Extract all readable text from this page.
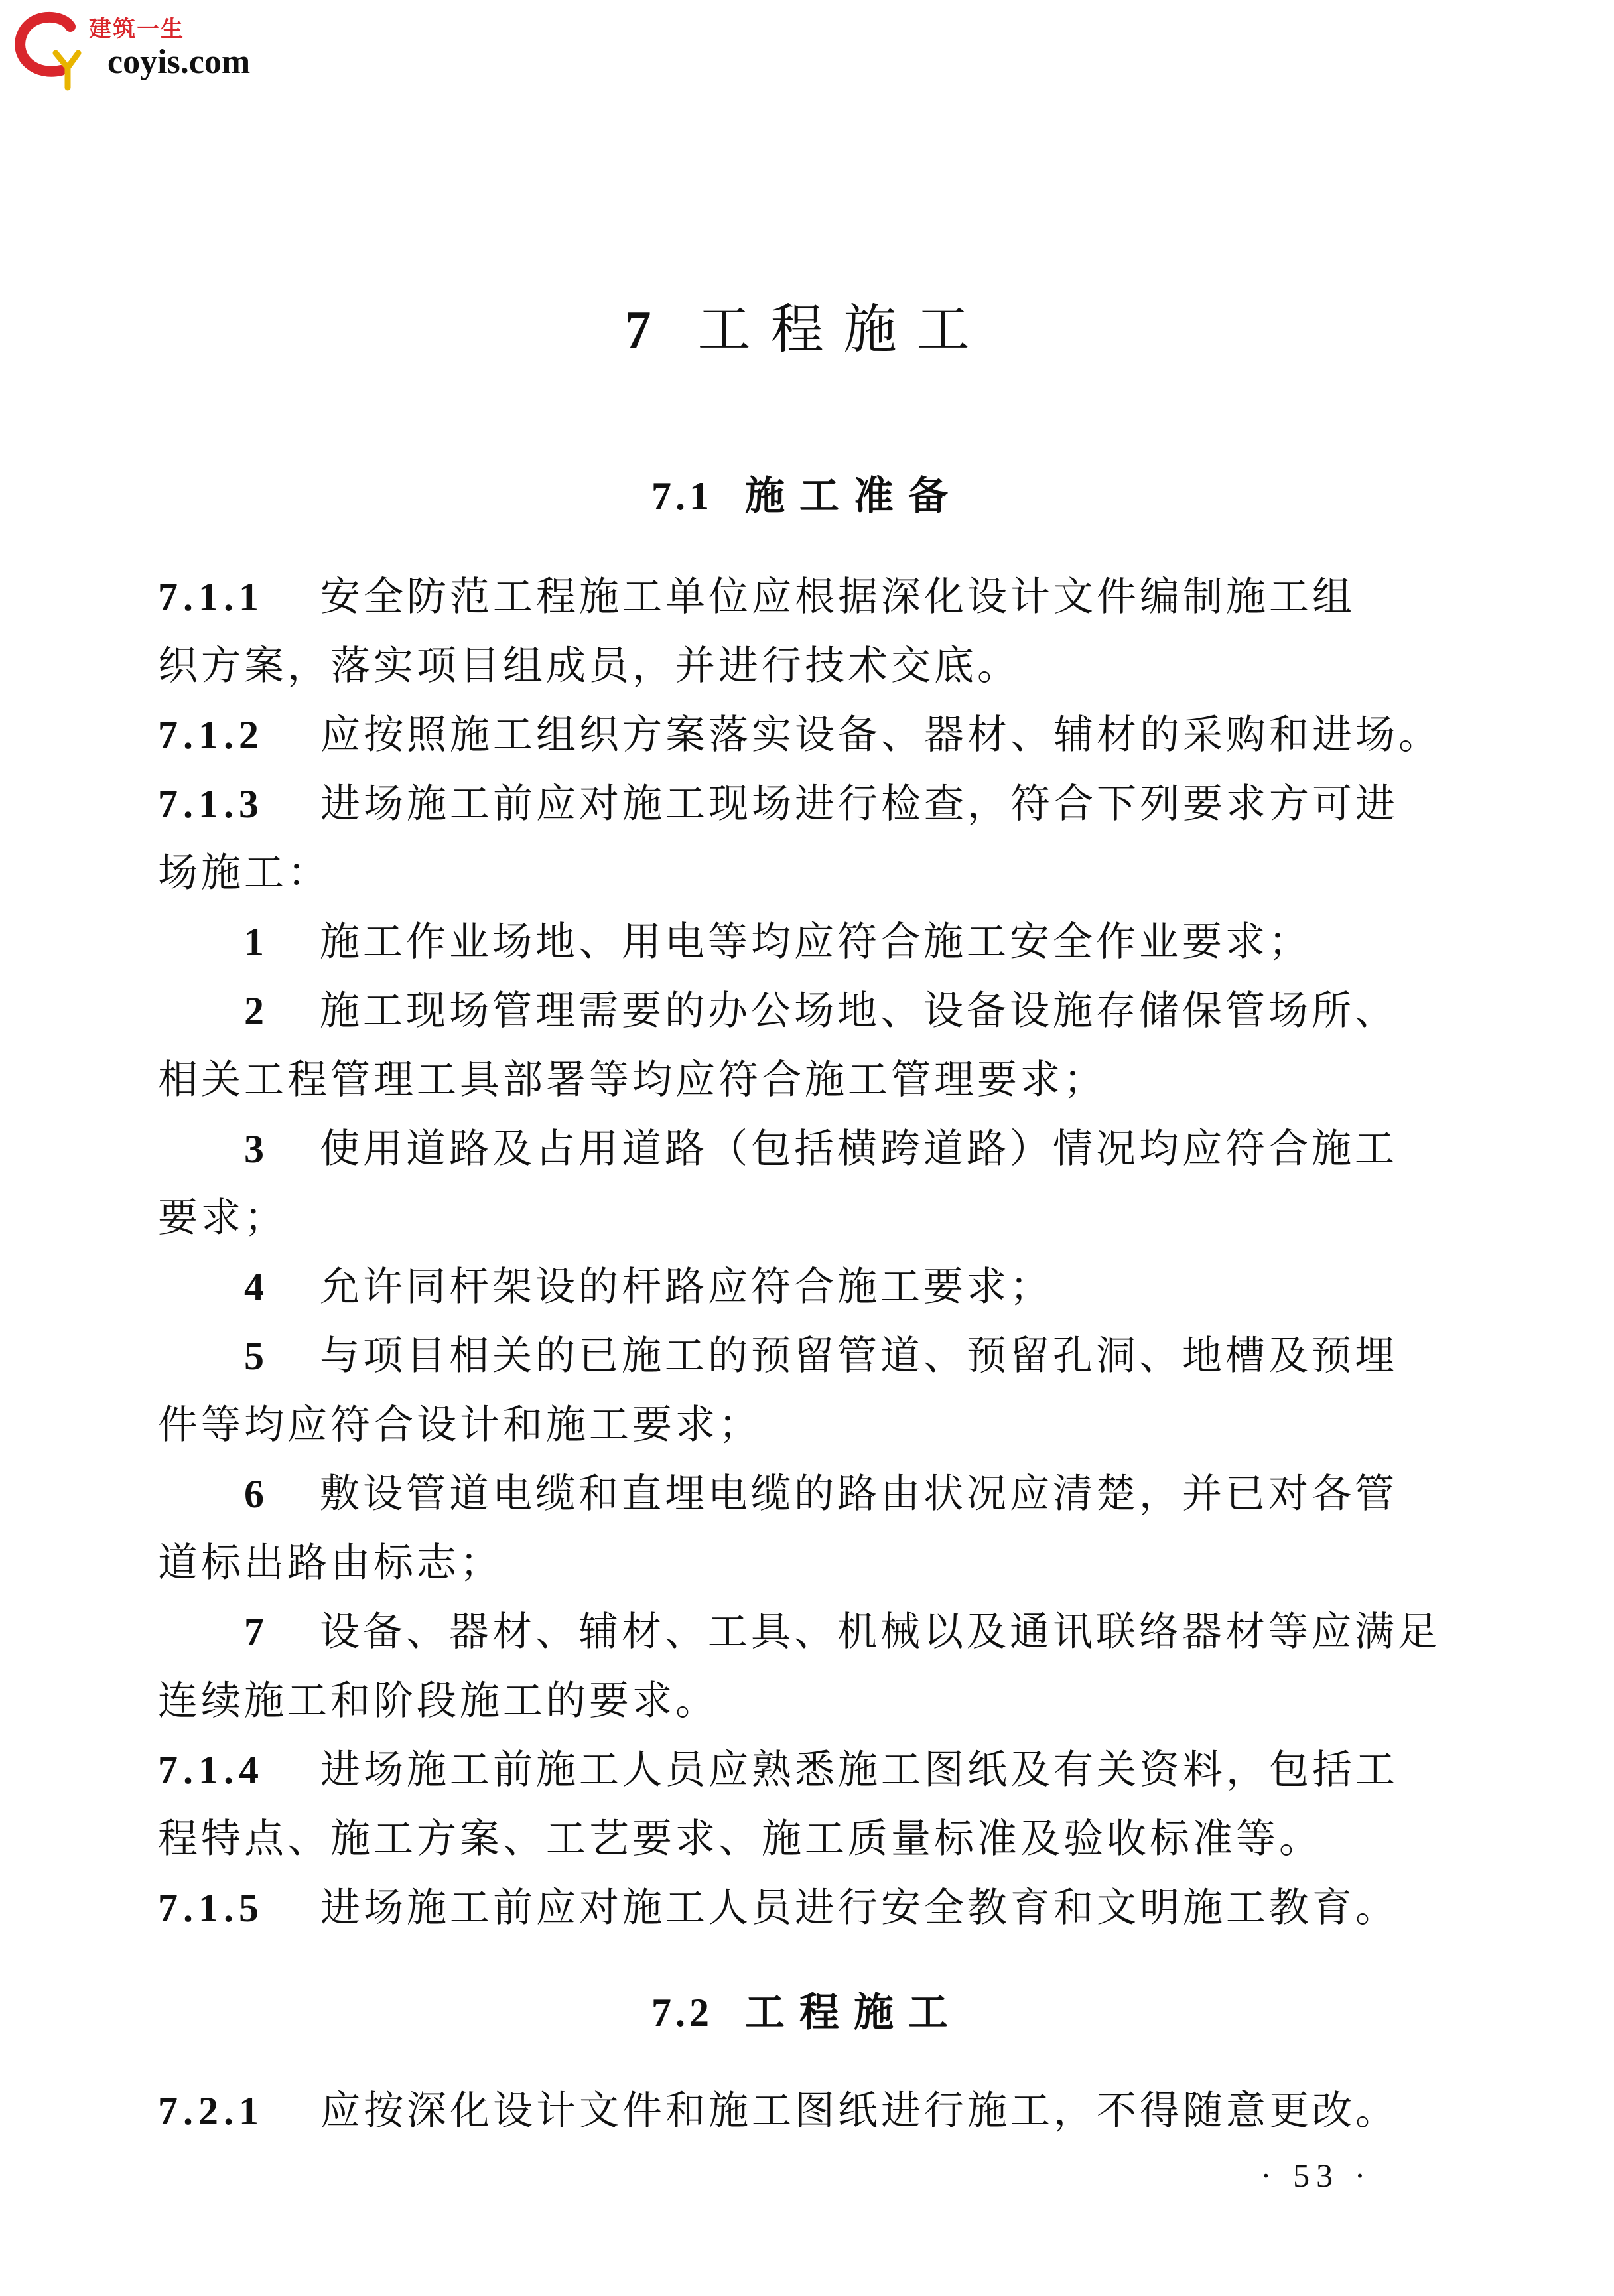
建筑一生
coyis.com
7 工程施工
7.1 施工准备
7.1.1 安全防范工程施工单位应根据深化设计文件编制施工组
织方案，落实项目组成员，并进行技术交底。
7.1.2 应按照施工组织方案落实设备、器材、辅材的采购和进场。
7.1.3 进场施工前应对施工现场进行检查，符合下列要求方可进
场施工：
1 施工作业场地、用电等均应符合施工安全作业要求；
2 施工现场管理需要的办公场地、设备设施存储保管场所、
相关工程管理工具部署等均应符合施工管理要求；
3 使用道路及占用道路（包括横跨道路）情况均应符合施工
要求；
4 允许同杆架设的杆路应符合施工要求；
5 与项目相关的已施工的预留管道、预留孔洞、地槽及预埋
件等均应符合设计和施工要求；
6 敷设管道电缆和直埋电缆的路由状况应清楚，并已对各管
道标出路由标志；
7 设备、器材、辅材、工具、机械以及通讯联络器材等应满足
连续施工和阶段施工的要求。
7.1.4 进场施工前施工人员应熟悉施工图纸及有关资料，包括工
程特点、施工方案、工艺要求、施工质量标准及验收标准等。
7.1.5 进场施工前应对施工人员进行安全教育和文明施工教育。
7.2 工程施工
7.2.1 应按深化设计文件和施工图纸进行施工，不得随意更改。
· 53 ·
